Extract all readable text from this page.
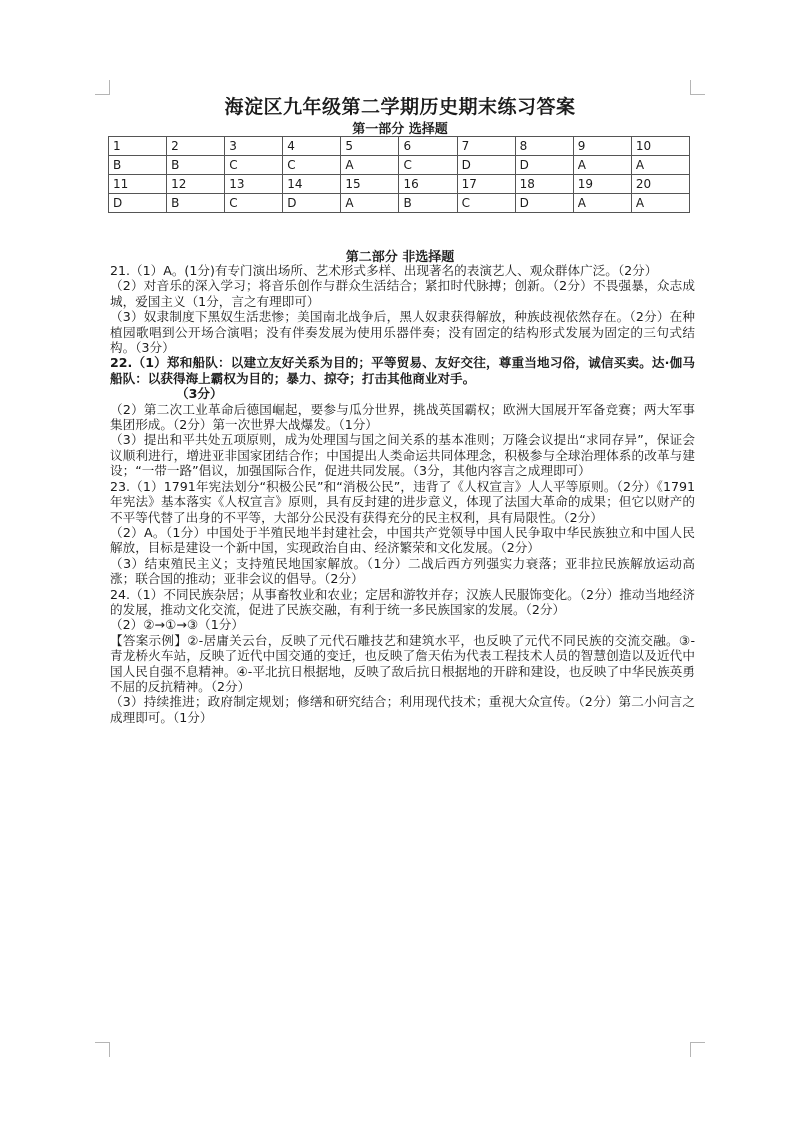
海淀区九年级第二学期历史期末练习答案
第一部分 选择题
1	2	3	4	5	6	7	8	9	10
B	B	C	C	A	C	D	D	A	A
11	12	13	14	15	16	17	18	19	20
D	B	C	D	A	B	C	D	A	A
第二部分 非选择题

21.（1）A。(1分)有专门演出场所、艺术形式多样、出现著名的表演艺人、观众群体广泛。（2分）

（2）对音乐的深入学习；将音乐创作与群众生活结合；紧扣时代脉搏；创新。（2分）不畏强暴，众志成城，爱国主义（1分，言之有理即可）

（3）奴隶制度下黑奴生活悲惨；美国南北战争后，黑人奴隶获得解放，种族歧视依然存在。（2分）在种植园歌唱到公开场合演唱；没有伴奏发展为使用乐器伴奏；没有固定的结构形式发展为固定的三句式结构。（3分）

22.（1）郑和船队：以建立友好关系为目的；平等贸易、友好交往，尊重当地习俗，诚信买卖。达·伽马船队：以获得海上霸权为目的；暴力、掠夺；打击其他商业对手。

（3分）

（2）第二次工业革命后德国崛起，要参与瓜分世界，挑战英国霸权；欧洲大国展开军备竞赛；两大军事集团形成。（2分）第一次世界大战爆发。（1分）

（3）提出和平共处五项原则，成为处理国与国之间关系的基本准则；万隆会议提出“求同存异”，保证会议顺利进行，增进亚非国家团结合作；中国提出人类命运共同体理念，积极参与全球治理体系的改革与建设；“一带一路”倡议，加强国际合作，促进共同发展。（3分，其他内容言之成理即可）

23.（1）1791年宪法划分“积极公民”和“消极公民”，违背了《人权宣言》人人平等原则。（2分）《1791年宪法》基本落实《人权宣言》原则，具有反封建的进步意义，体现了法国大革命的成果；但它以财产的不平等代替了出身的不平等，大部分公民没有获得充分的民主权利，具有局限性。（2分）

（2）A。（1分）中国处于半殖民地半封建社会，中国共产党领导中国人民争取中华民族独立和中国人民解放，目标是建设一个新中国，实现政治自由、经济繁荣和文化发展。（2分）

（3）结束殖民主义；支持殖民地国家解放。（1分）二战后西方列强实力衰落；亚非拉民族解放运动高涨；联合国的推动；亚非会议的倡导。（2分）

24.（1）不同民族杂居；从事畜牧业和农业；定居和游牧并存；汉族人民服饰变化。（2分）推动当地经济的发展，推动文化交流，促进了民族交融，有利于统一多民族国家的发展。（2分）

（2）②→①→③（1分）

【答案示例】②-居庸关云台，反映了元代石雕技艺和建筑水平，也反映了元代不同民族的交流交融。③-青龙桥火车站，反映了近代中国交通的变迁，也反映了詹天佑为代表工程技术人员的智慧创造以及近代中国人民自强不息精神。④-平北抗日根据地，反映了敌后抗日根据地的开辟和建设，也反映了中华民族英勇不屈的反抗精神。（2分）

（3）持续推进；政府制定规划；修缮和研究结合；利用现代技术；重视大众宣传。（2分）第二小问言之成理即可。（1分）
